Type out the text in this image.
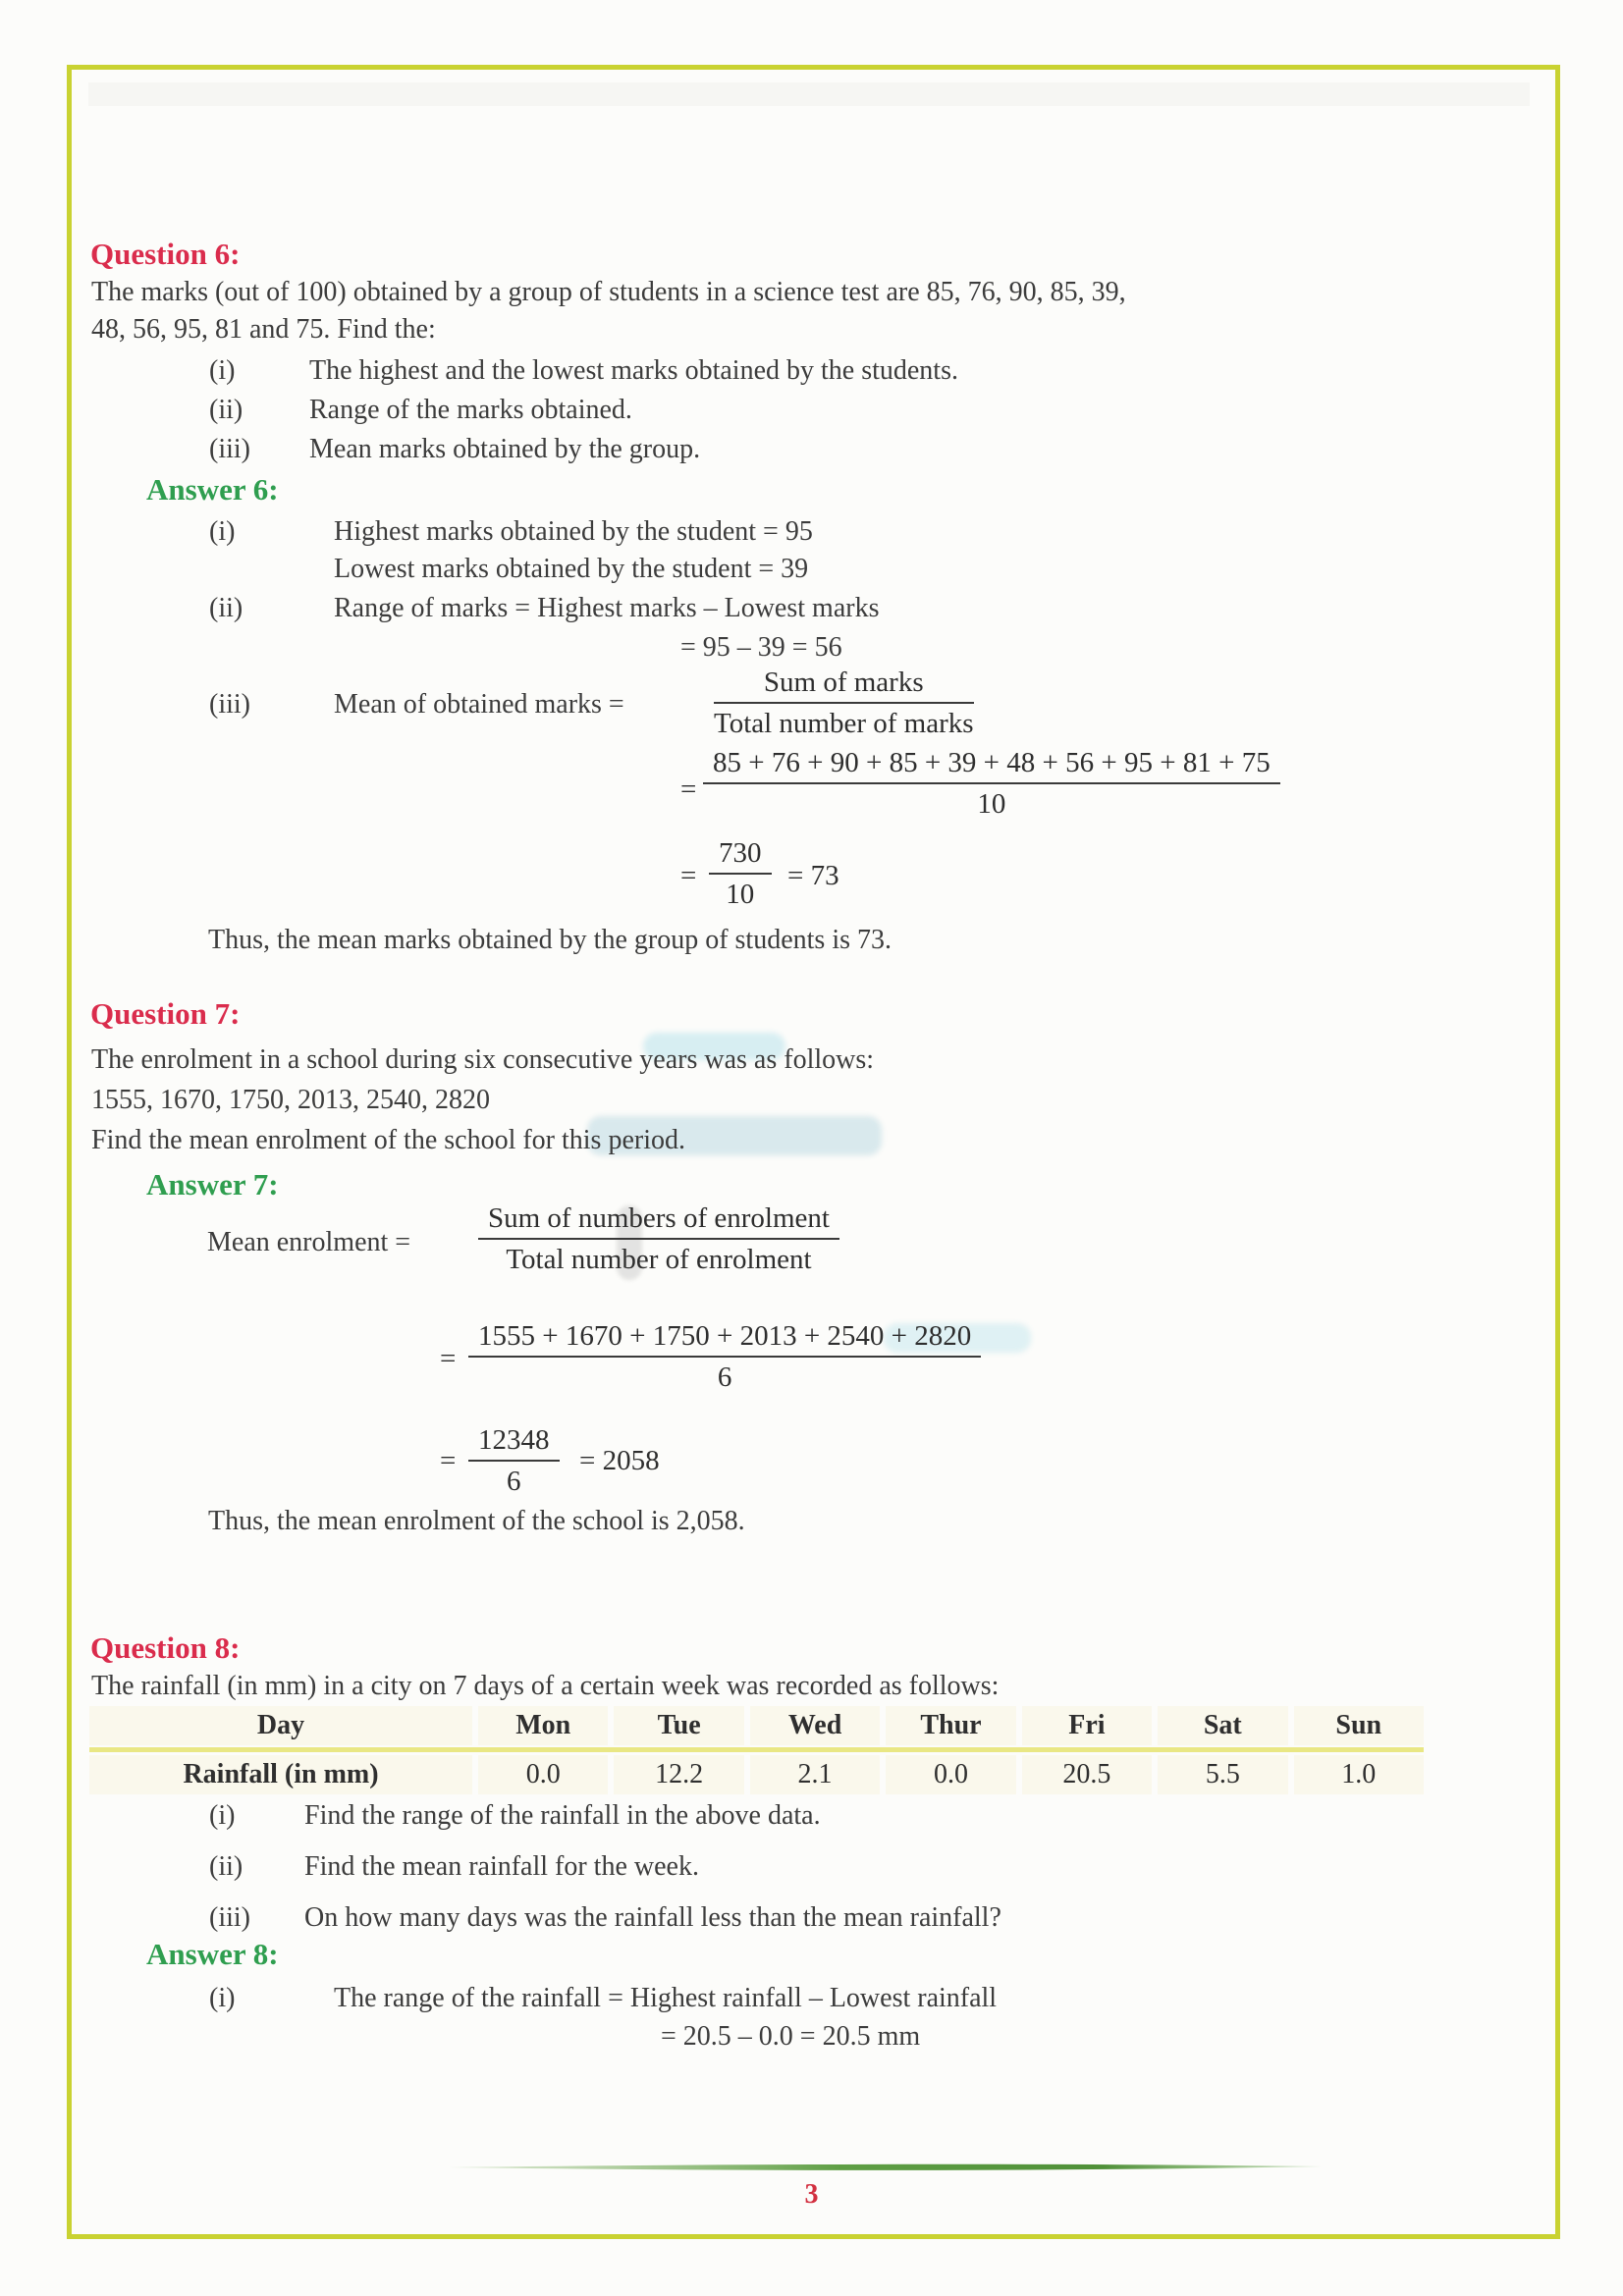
Question 6:
The marks (out of 100) obtained by a group of students in a science test are 85, 76, 90, 85, 39,
48, 56, 95, 81 and 75. Find the:
(i)	The highest and the lowest marks obtained by the students.
(ii) Range of the marks obtained.
(iii) Mean marks obtained by the group.
Answer 6:
(i)	Highest marks obtained by the student = 95
Lowest marks obtained by the student = 39
(ii)	Range of marks = Highest marks – Lowest marks
= 95 – 39 = 56
(iii)	Mean of obtained marks =
Sum of marks
Total number of marks
= $\frac{85 + 76 + 90 + 85 + 39 + 48 + 56 + 95 + 81 + 75}{10}$
= $\frac{730}{10} = 73$
Thus, the mean marks obtained by the group of students is 73.
Question 7:
The enrolment in a school during six consecutive years was as follows:
1555, 1670, 1750, 2013, 2540, 2820
Find the mean enrolment of the school for this period.
Answer 7:
Mean enrolment =
Sum of numbers of enrolment
Total number of enrolment
= $\frac{1555 + 1670 + 1750 + 2013 + 2540 + 2820}{6}$
= $\frac{12348}{6} = 2058$
Thus, the mean enrolment of the school is 2,058.
Question 8:
The rainfall (in mm) in a city on 7 days of a certain week was recorded as follows:
Day	Mon	Tue	Wed	Thur	Fri	Sat	Sun
Rainfall (in mm)	0.0	12.2	2.1	0.0	20.5	5.5	1.0
(i)	Find the range of the rainfall in the above data.
(ii) Find the mean rainfall for the week.
(iii) On how many days was the rainfall less than the mean rainfall?
Answer 8:
(i)	The range of the rainfall = Highest rainfall – Lowest rainfall
= 20.5 – 0.0 = 20.5 mm
3
